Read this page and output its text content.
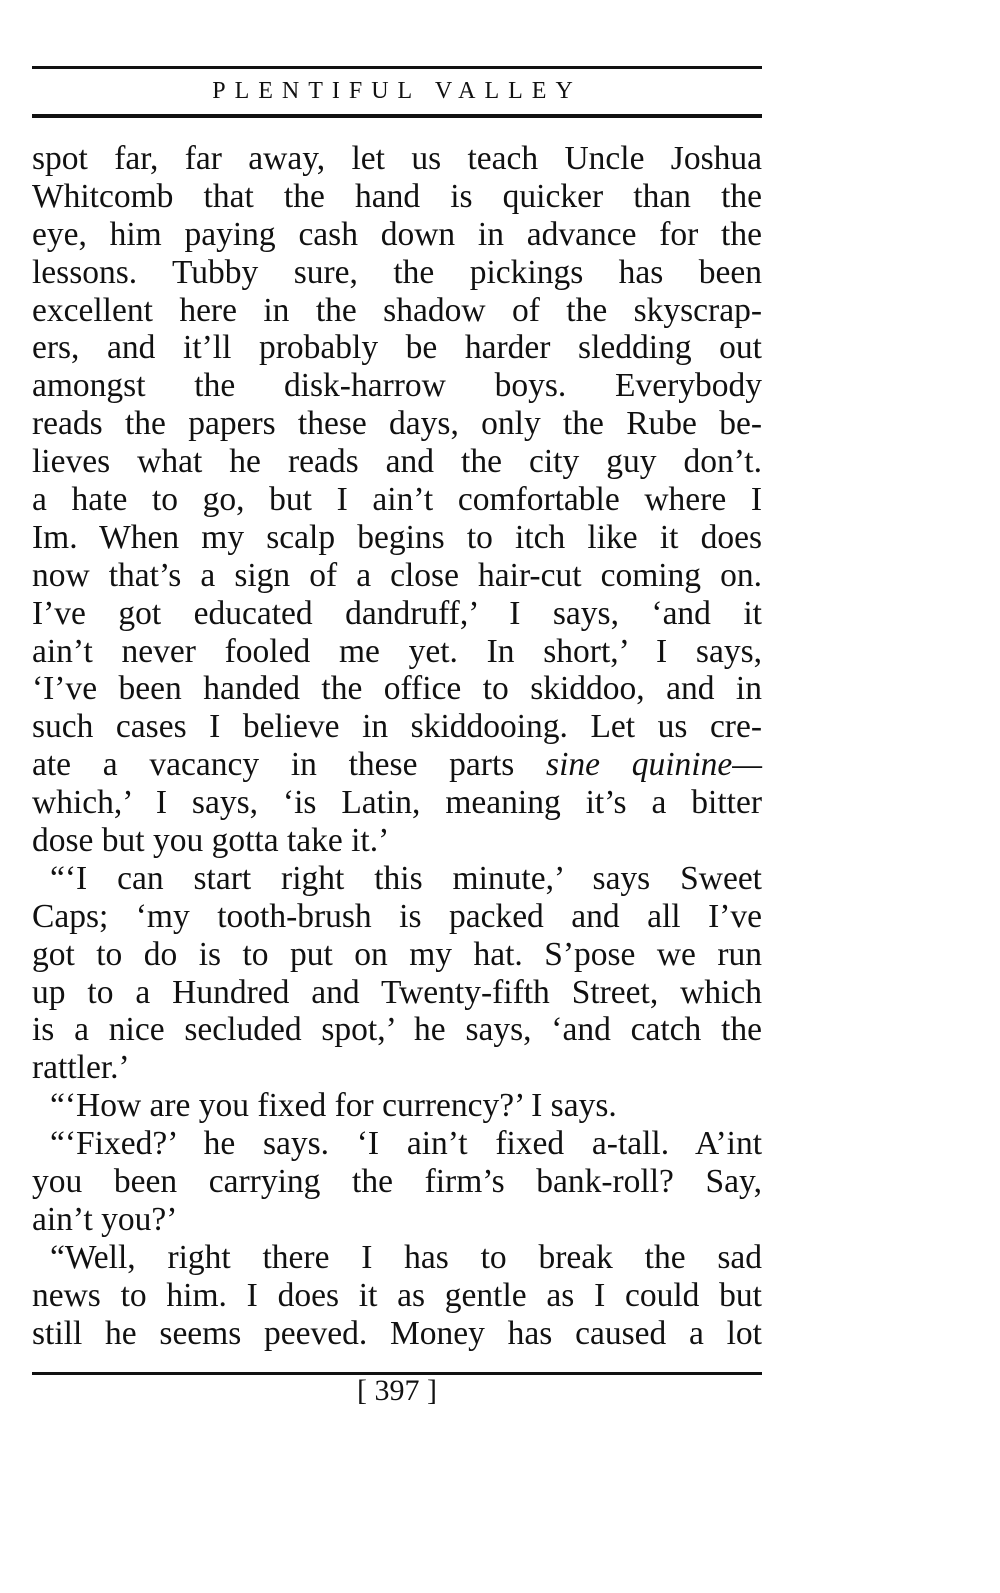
PLENTIFUL VALLEY
spot far, far away, let us teach Uncle Joshua
Whitcomb that the hand is quicker than the
eye, him paying cash down in advance for the
lessons. Tubby sure, the pickings has been
excellent here in the shadow of the skyscrap-
ers, and it’ll probably be harder sledding out
amongst the disk-harrow boys. Everybody
reads the papers these days, only the Rube be-
lieves what he reads and the city guy don’t.
a hate to go, but I ain’t comfortable where I
Im. When my scalp begins to itch like it does
now that’s a sign of a close hair-cut coming on.
I’ve got educated dandruff,’ I says, ‘and it
ain’t never fooled me yet. In short,’ I says,
‘I’ve been handed the office to skiddoo, and in
such cases I believe in skiddooing. Let us cre-
ate a vacancy in these parts sine quinine—
which,’ I says, ‘is Latin, meaning it’s a bitter
dose but you gotta take it.’
“‘I can start right this minute,’ says Sweet
Caps; ‘my tooth-brush is packed and all I’ve
got to do is to put on my hat. S’pose we run
up to a Hundred and Twenty-fifth Street, which
is a nice secluded spot,’ he says, ‘and catch the
rattler.’
“‘How are you fixed for currency?’ I says.
“‘Fixed?’ he says. ‘I ain’t fixed a-tall. A’int
you been carrying the firm’s bank-roll? Say,
ain’t you?’
“Well, right there I has to break the sad
news to him. I does it as gentle as I could but
still he seems peeved. Money has caused a lot
[ 397 ]
